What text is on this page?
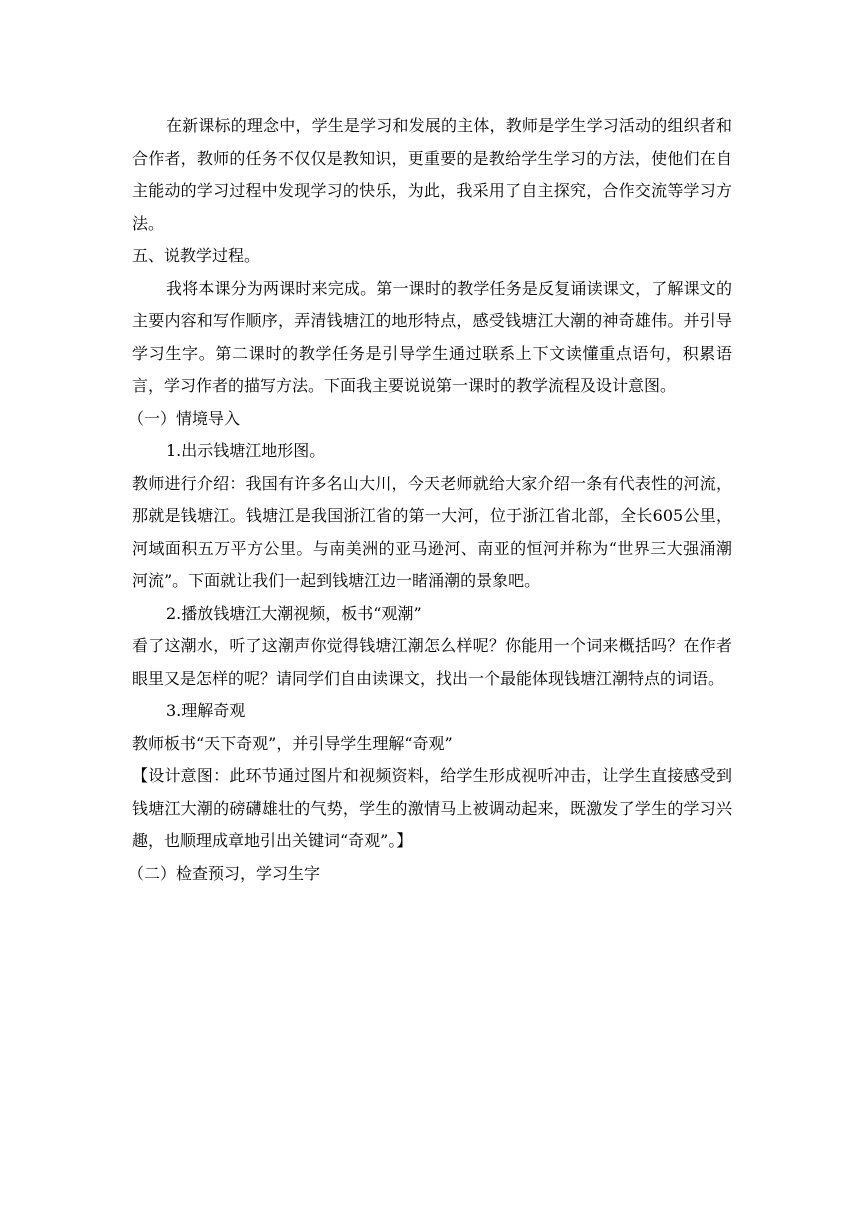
在新课标的理念中，学生是学习和发展的主体，教师是学生学习活动的组织者和合作者，教师的任务不仅仅是教知识，更重要的是教给学生学习的方法，使他们在自主能动的学习过程中发现学习的快乐，为此，我采用了自主探究，合作交流等学习方法。

五、说教学过程。

我将本课分为两课时来完成。第一课时的教学任务是反复诵读课文，了解课文的主要内容和写作顺序，弄清钱塘江的地形特点，感受钱塘江大潮的神奇雄伟。并引导学习生字。第二课时的教学任务是引导学生通过联系上下文读懂重点语句，积累语言，学习作者的描写方法。下面我主要说说第一课时的教学流程及设计意图。

（一）情境导入

1.出示钱塘江地形图。

教师进行介绍：我国有许多名山大川，今天老师就给大家介绍一条有代表性的河流，那就是钱塘江。钱塘江是我国浙江省的第一大河，位于浙江省北部，全长605公里，河域面积五万平方公里。与南美洲的亚马逊河、南亚的恒河并称为“世界三大强涌潮河流”。下面就让我们一起到钱塘江边一睹涌潮的景象吧。

2.播放钱塘江大潮视频，板书“观潮”

看了这潮水，听了这潮声你觉得钱塘江潮怎么样呢？你能用一个词来概括吗？在作者眼里又是怎样的呢？请同学们自由读课文，找出一个最能体现钱塘江潮特点的词语。

3.理解奇观

教师板书“天下奇观”，并引导学生理解“奇观”

【设计意图：此环节通过图片和视频资料，给学生形成视听冲击，让学生直接感受到钱塘江大潮的磅礴雄壮的气势，学生的激情马上被调动起来，既激发了学生的学习兴趣，也顺理成章地引出关键词“奇观”。】

（二）检查预习，学习生字
